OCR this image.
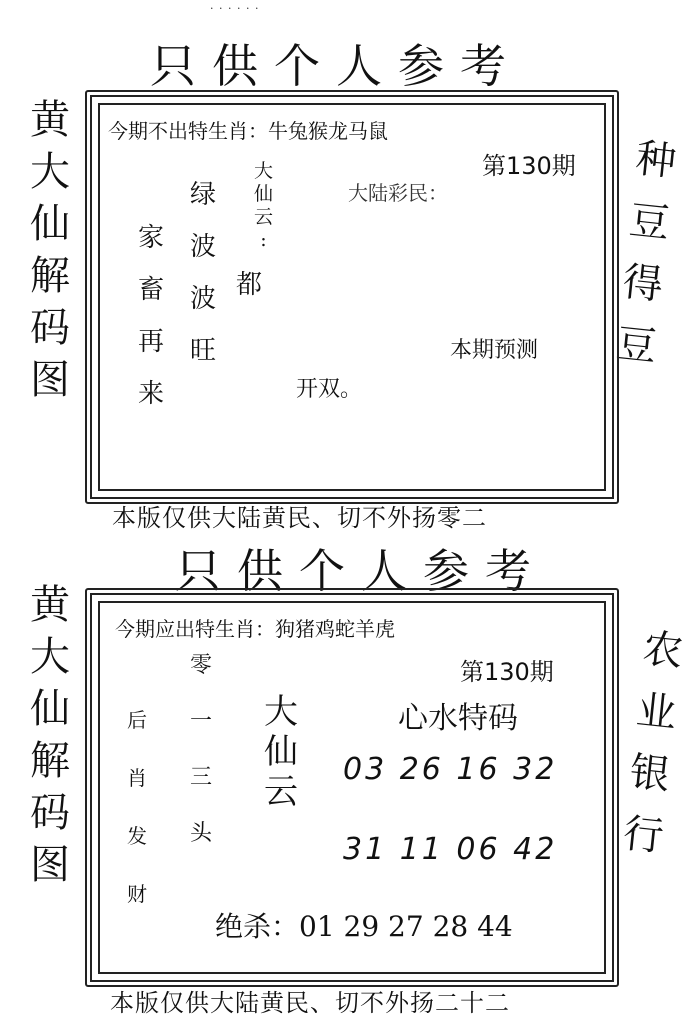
· · · · · ·
只供个人参考
黄
大
仙
解
码
图
种
豆
得
豆
今期不出特生肖：牛兔猴龙马鼠
第130期
大
仙
云
:
大陆彩民：
绿
波
波
旺
家
畜
再
来
都
本期预测
开双。
本版仅供大陆黄民、切不外扬零二
只供个人参考
黄
大
仙
解
码
图
农
业
银
行
今期应出特生肖：狗猪鸡蛇羊虎
第130期
零
一
三
头
后
肖
发
财
大
仙
云
心水特码
03 26 16 32
31 11 06 42
绝杀：01 29 27 28 44
本版仅供大陆黄民、切不外扬二十二
